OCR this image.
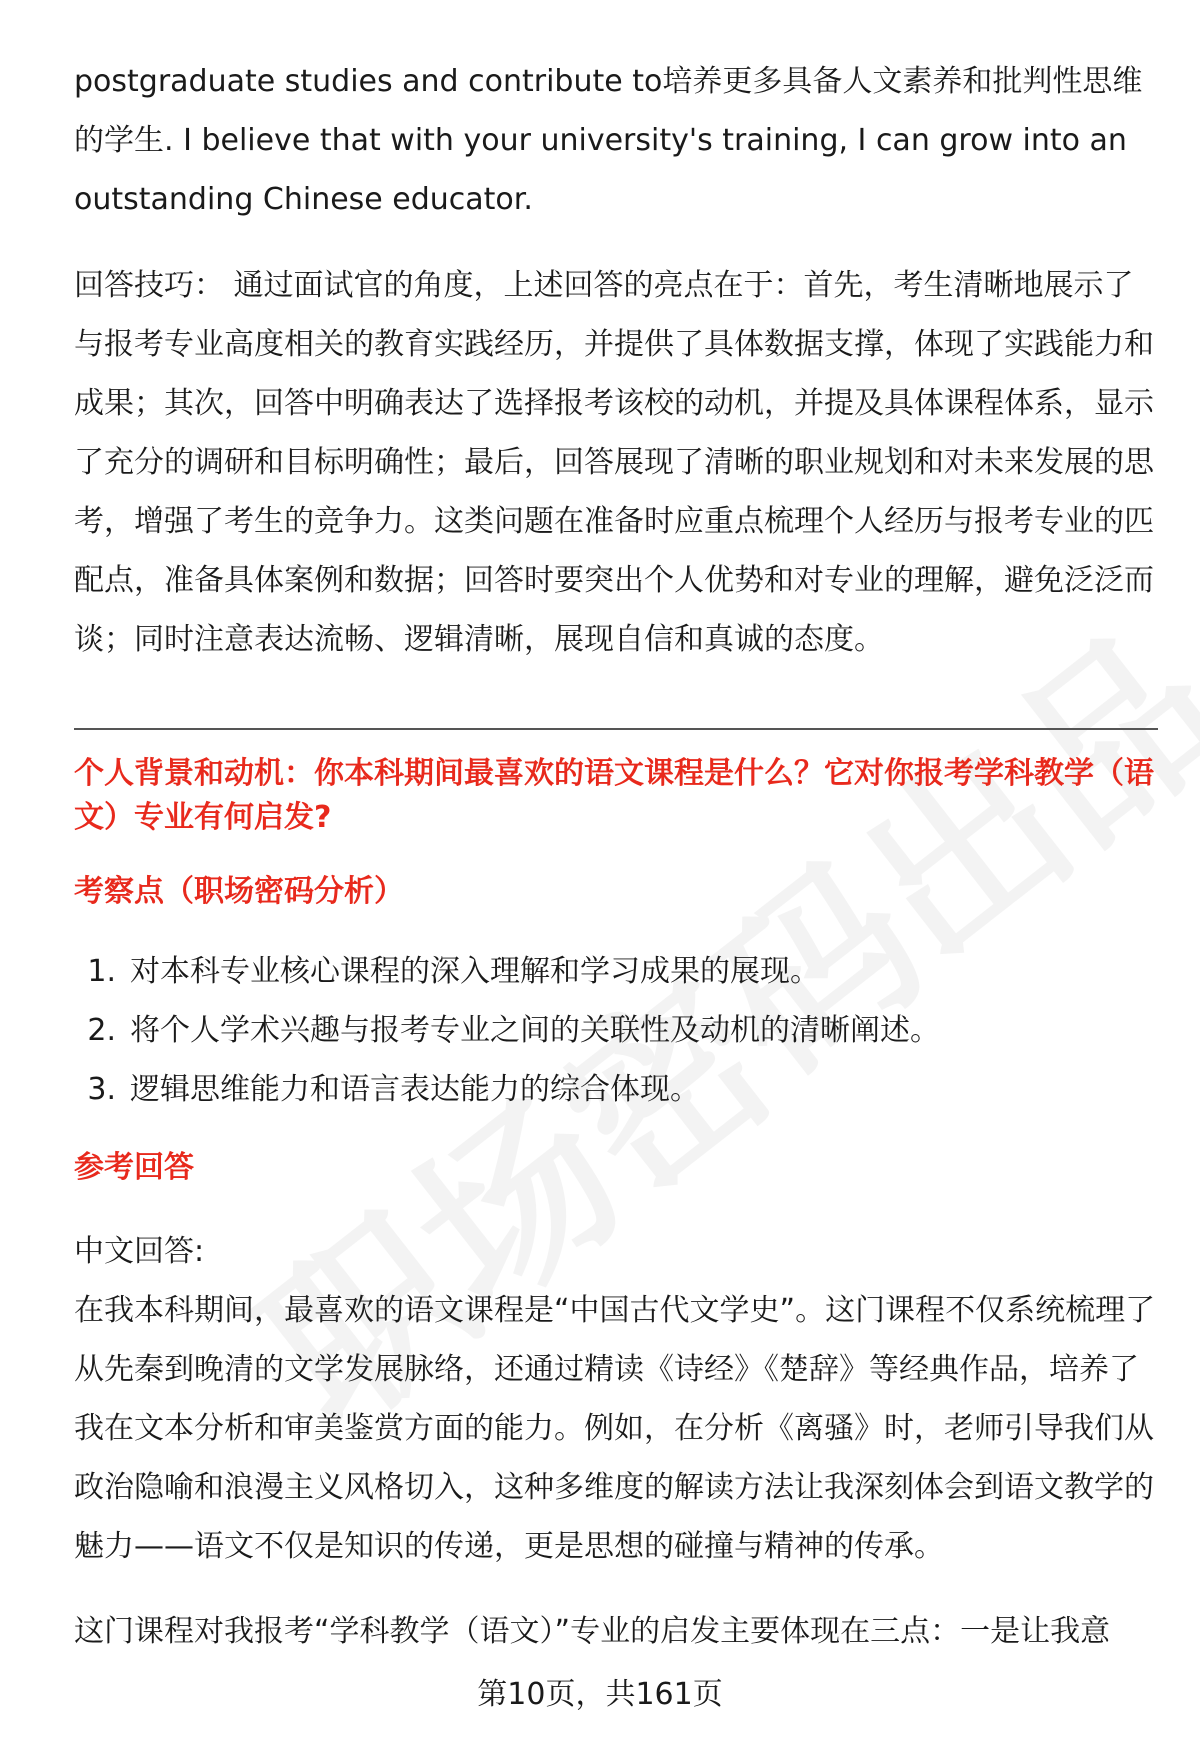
postgraduate studies and contribute to培养更多具备人文素养和批判性思维的学生. I believe that with your university's training, I can grow into an outstanding Chinese educator.

回答技巧： 通过面试官的角度，上述回答的亮点在于：首先，考生清晰地展示了与报考专业高度相关的教育实践经历，并提供了具体数据支撑，体现了实践能力和成果；其次，回答中明确表达了选择报考该校的动机，并提及具体课程体系，显示了充分的调研和目标明确性；最后，回答展现了清晰的职业规划和对未来发展的思考，增强了考生的竞争力。这类问题在准备时应重点梳理个人经历与报考专业的匹配点，准备具体案例和数据；回答时要突出个人优势和对专业的理解，避免泛泛而谈；同时注意表达流畅、逻辑清晰，展现自信和真诚的态度。

个人背景和动机：你本科期间最喜欢的语文课程是什么？它对你报考学科教学（语文）专业有何启发?

考察点（职场密码分析）

1. 对本科专业核心课程的深入理解和学习成果的展现。
2. 将个人学术兴趣与报考专业之间的关联性及动机的清晰阐述。
3. 逻辑思维能力和语言表达能力的综合体现。

参考回答

中文回答:

在我本科期间，最喜欢的语文课程是“中国古代文学史”。这门课程不仅系统梳理了从先秦到晚清的文学发展脉络，还通过精读《诗经》《楚辞》等经典作品，培养了我在文本分析和审美鉴赏方面的能力。例如，在分析《离骚》时，老师引导我们从政治隐喻和浪漫主义风格切入，这种多维度的解读方法让我深刻体会到语文教学的魅力——语文不仅是知识的传递，更是思想的碰撞与精神的传承。

这门课程对我报考“学科教学（语文）”专业的启发主要体现在三点：一是让我意

第10页，共161页
